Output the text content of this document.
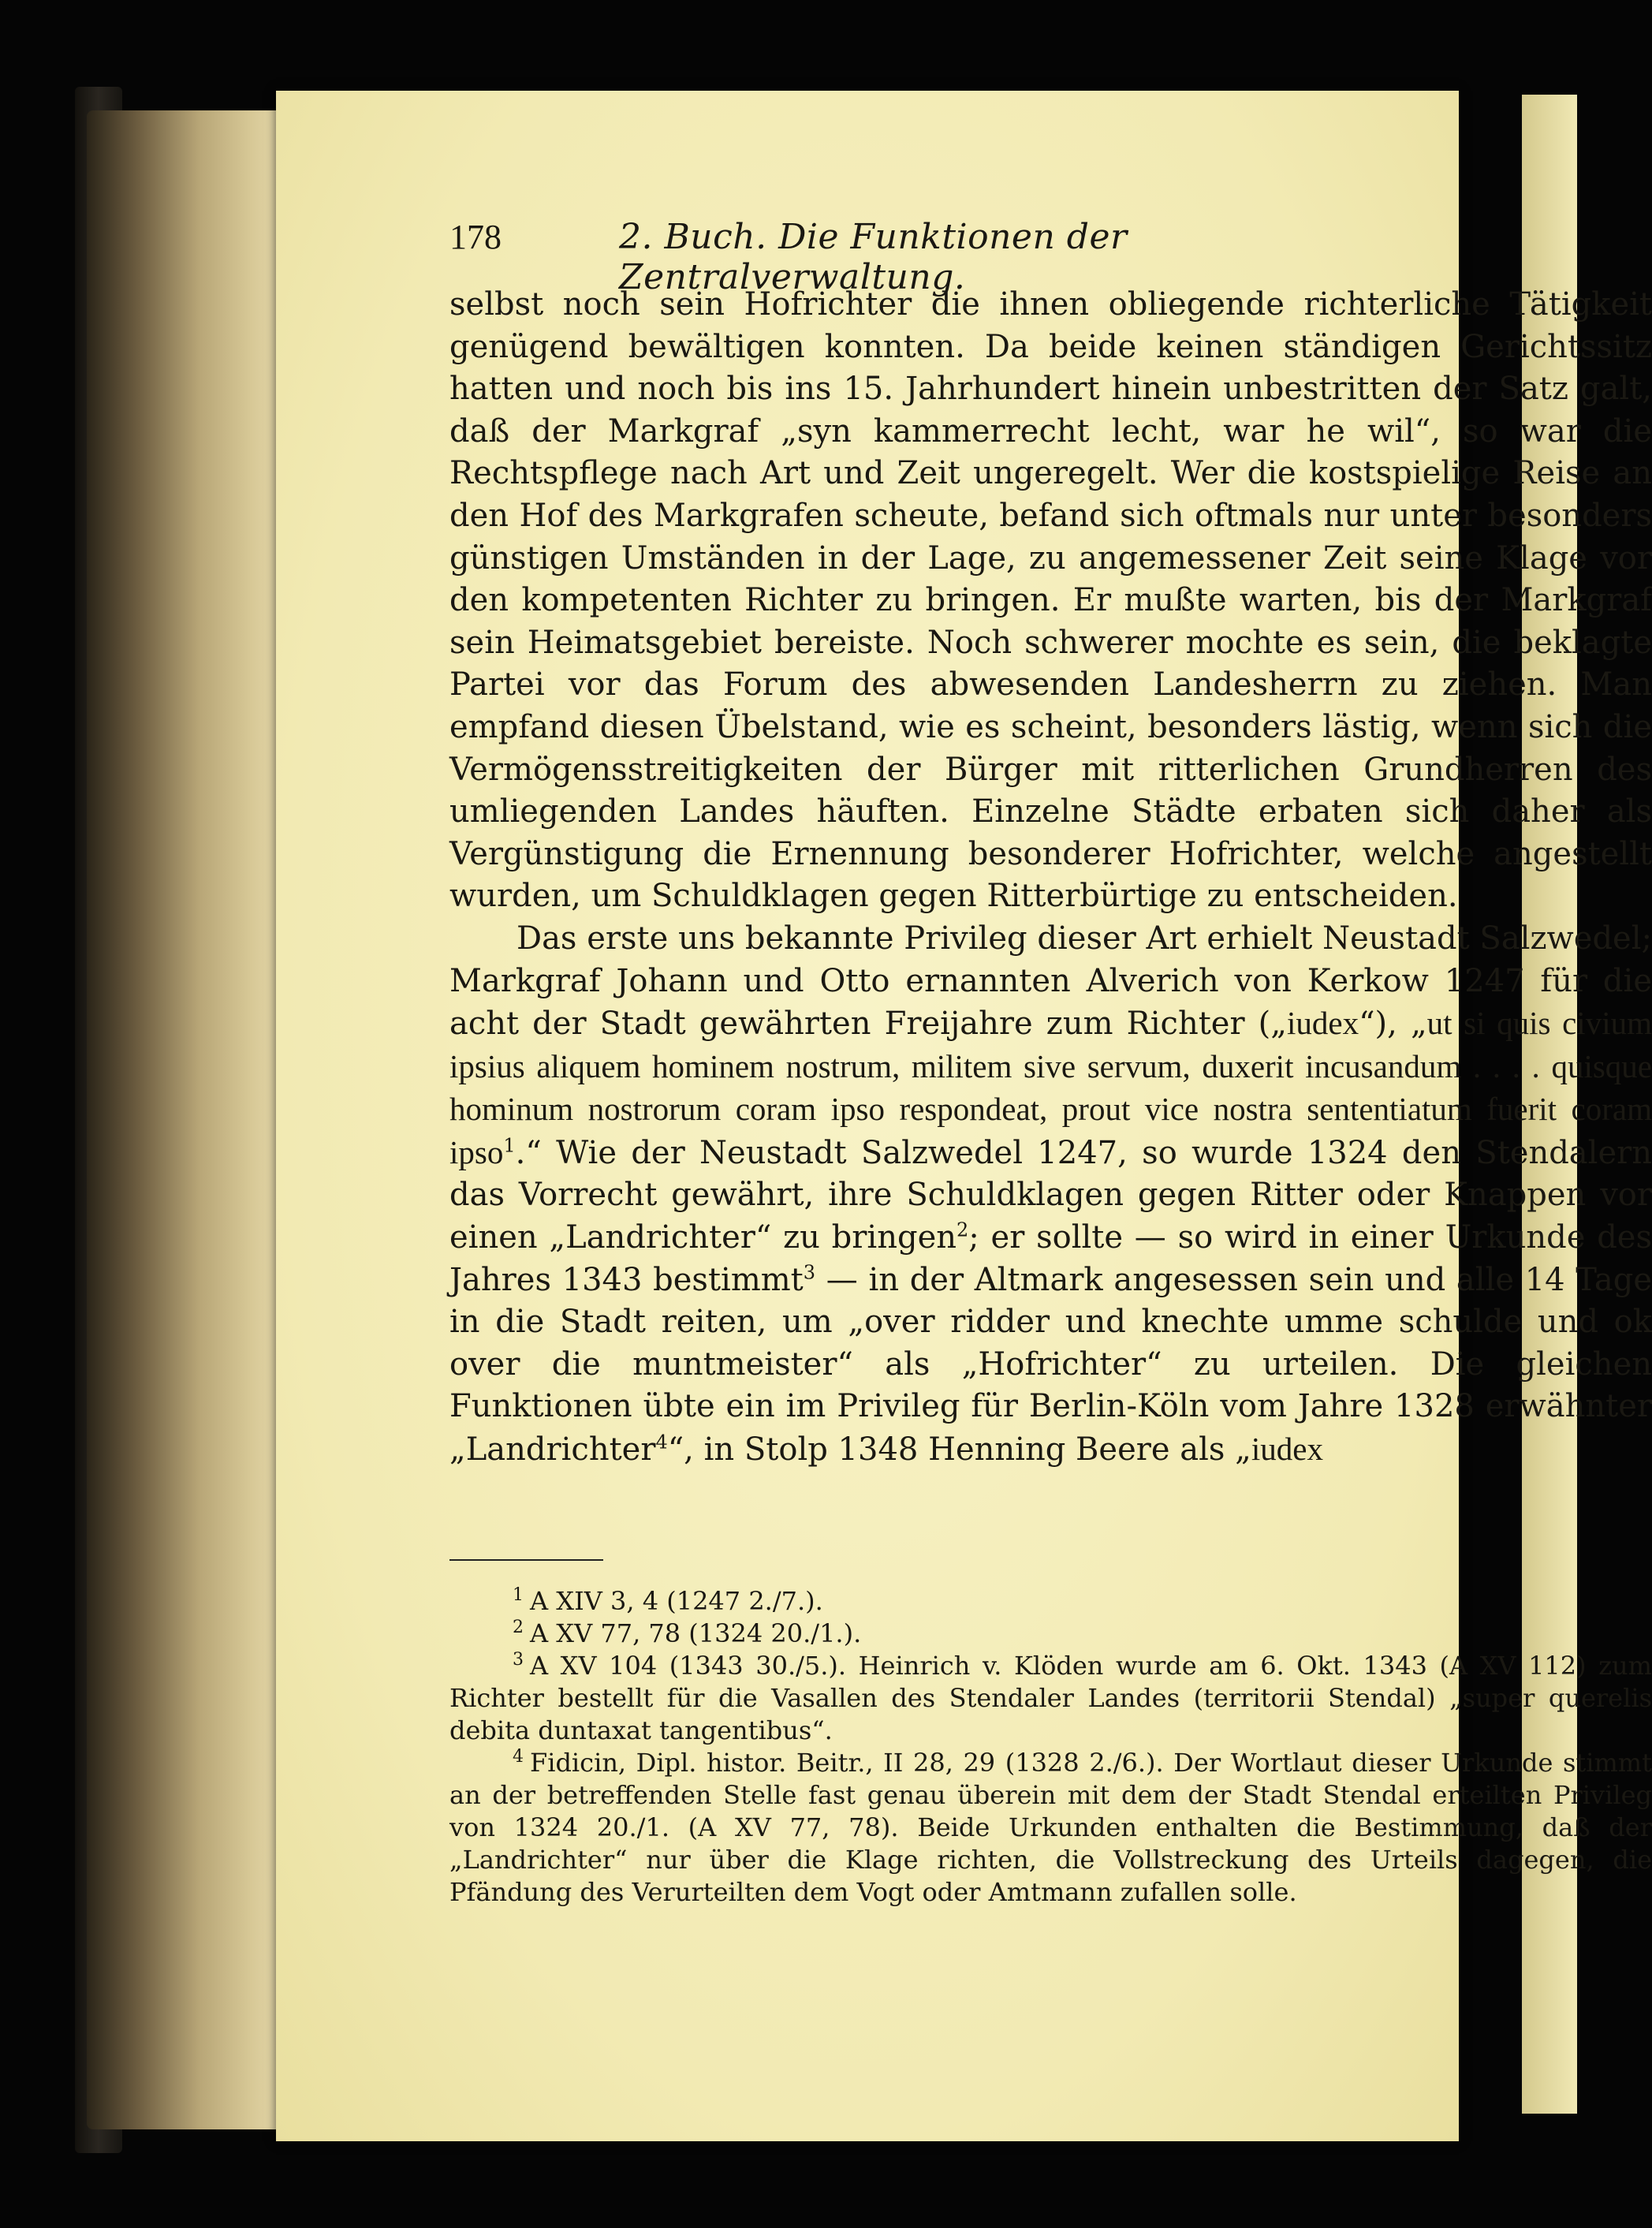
178	2. Buch. Die Funktionen der Zentralverwaltung.

selbst noch sein Hofrichter die ihnen obliegende richterliche Tätigkeit genügend bewältigen konnten. Da beide keinen ständigen Gerichtssitz hatten und noch bis ins 15. Jahrhundert hinein unbestritten der Satz galt, daß der Markgraf „syn kammerrecht lecht, war he wil“, so war die Rechtspflege nach Art und Zeit ungeregelt. Wer die kostspielige Reise an den Hof des Markgrafen scheute, befand sich oftmals nur unter besonders günstigen Umständen in der Lage, zu angemessener Zeit seine Klage vor den kompetenten Richter zu bringen. Er mußte warten, bis der Markgraf sein Heimatsgebiet bereiste. Noch schwerer mochte es sein, die beklagte Partei vor das Forum des abwesenden Landesherrn zu ziehen. Man empfand diesen Übelstand, wie es scheint, besonders lästig, wenn sich die Vermögensstreitigkeiten der Bürger mit ritterlichen Grundherren des umliegenden Landes häuften. Einzelne Städte erbaten sich daher als Vergünstigung die Ernennung besonderer Hofrichter, welche angestellt wurden, um Schuldklagen gegen Ritterbürtige zu entscheiden.

Das erste uns bekannte Privileg dieser Art erhielt Neustadt Salzwedel; Markgraf Johann und Otto ernannten Alverich von Kerkow 1247 für die acht der Stadt gewährten Freijahre zum Richter („iudex“), „ut si quis civium ipsius aliquem hominem nostrum, militem sive servum, duxerit incusandum . . . . quisque hominum nostrorum coram ipso respondeat, prout vice nostra sententiatum fuerit coram ipso$^1$.“ Wie der Neustadt Salzwedel 1247, so wurde 1324 den Stendalern das Vorrecht gewährt, ihre Schuldklagen gegen Ritter oder Knappen vor einen „Landrichter“ zu bringen$^2$; er sollte — so wird in einer Urkunde des Jahres 1343 bestimmt$^3$ — in der Altmark angesessen sein und alle 14 Tage in die Stadt reiten, um „over ridder und knechte umme schulde und ok over die muntmeister“ als „Hofrichter“ zu urteilen. Die gleichen Funktionen übte ein im Privileg für Berlin-Köln vom Jahre 1328 erwähnter „Landrichter$^4$“, in Stolp 1348 Henning Beere als „iudex

$^1$ A XIV 3, 4 (1247 2./7.).

$^2$ A XV 77, 78 (1324 20./1.).

$^3$ A XV 104 (1343 30./5.). Heinrich v. Klöden wurde am 6. Okt. 1343 (A XV 112) zum Richter bestellt für die Vasallen des Stendaler Landes (territorii Stendal) „super querelis debita duntaxat tangentibus“.

$^4$ Fidicin, Dipl. histor. Beitr., II 28, 29 (1328 2./6.). Der Wortlaut dieser Urkunde stimmt an der betreffenden Stelle fast genau überein mit dem der Stadt Stendal erteilten Privileg von 1324 20./1. (A XV 77, 78). Beide Urkunden enthalten die Bestimmung, daß der „Landrichter“ nur über die Klage richten, die Vollstreckung des Urteils dagegen, die Pfändung des Verurteilten dem Vogt oder Amtmann zufallen solle.
